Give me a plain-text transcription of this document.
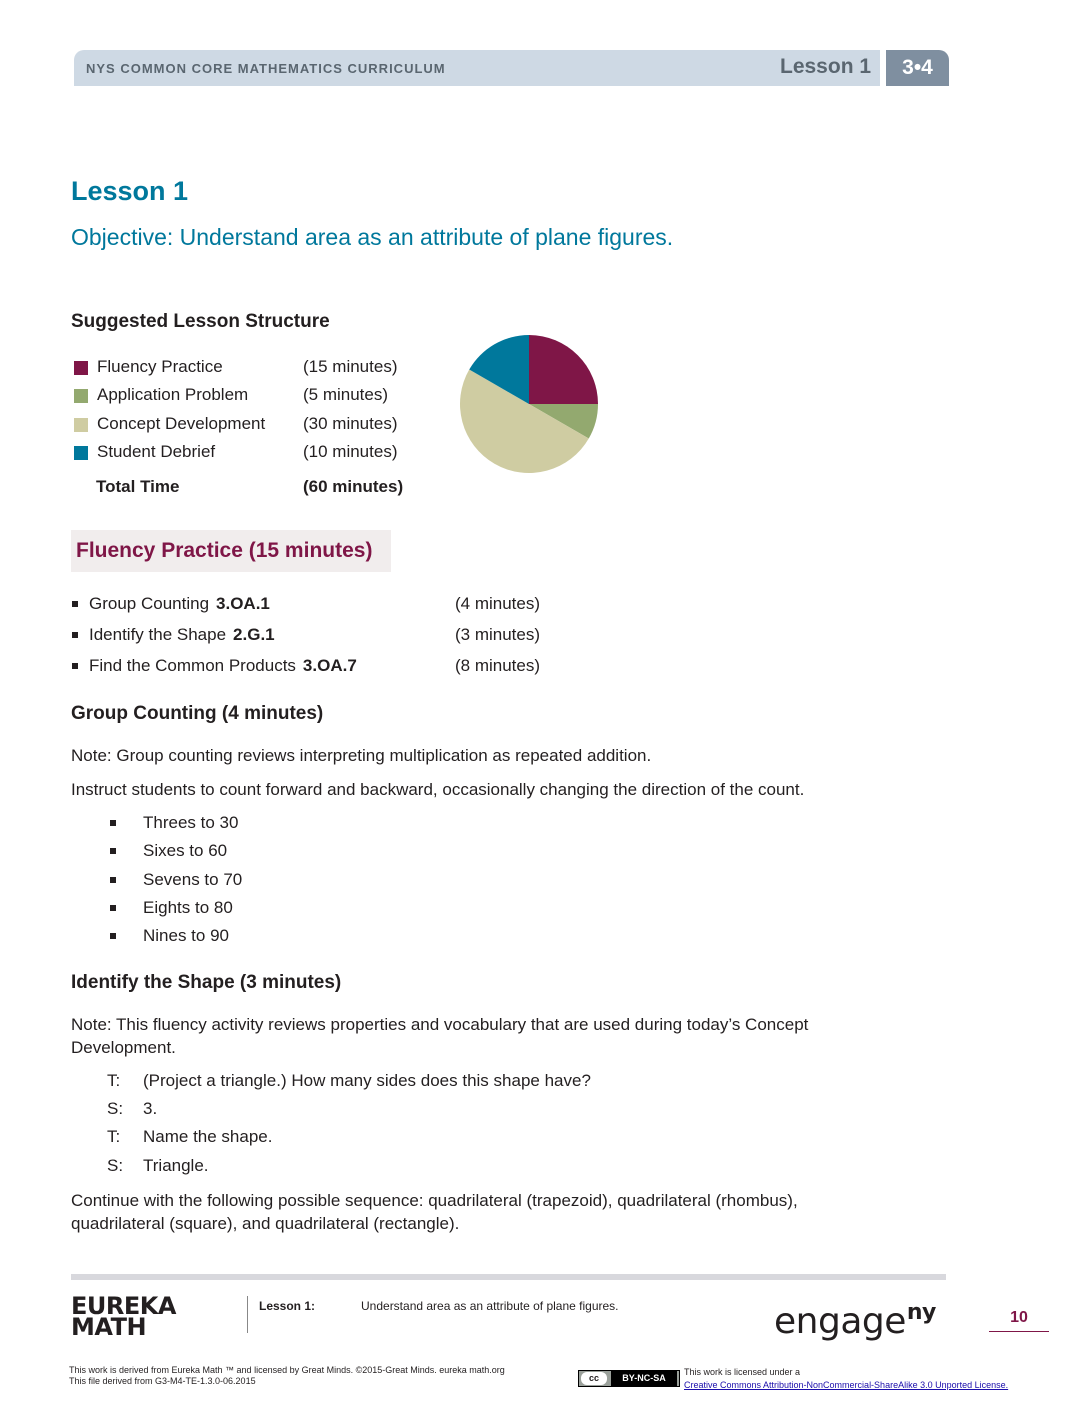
NYS COMMON CORE MATHEMATICS CURRICULUM	Lesson 1	3•4
Lesson 1
Objective: Understand area as an attribute of plane figures.
Suggested Lesson Structure
Fluency Practice	(15 minutes)
Application Problem	(5 minutes)
Concept Development (30 minutes)
Student Debrief	(10 minutes)
Total Time	(60 minutes)
Fluency Practice (15 minutes)
Group Counting 3.OA.1	(4 minutes)
Identify the Shape 2.G.1	(3 minutes)
Find the Common Products 3.OA.7	(8 minutes)
Group Counting (4 minutes)
Note: Group counting reviews interpreting multiplication as repeated addition.
Instruct students to count forward and backward, occasionally changing the direction of the count.
Threes to 30
Sixes to 60
Sevens to 70
Eights to 80
Nines to 90
Identify the Shape (3 minutes)
Note: This fluency activity reviews properties and vocabulary that are used during today’s Concept Development.
T: (Project a triangle.) How many sides does this shape have?
S: 3.
T: Name the shape.
S: Triangle.
Continue with the following possible sequence: quadrilateral (trapezoid), quadrilateral (rhombus), quadrilateral (square), and quadrilateral (rectangle).
EUREKA
MATH
Lesson 1:	Understand area as an attribute of plane figures.	engage$^{ny}$	10
This work is derived from Eureka Math ™ and licensed by Great Minds. ©2015-Great Minds. eureka math.org
This file derived from G3-M4-TE-1.3.0-06.2015	cc	BY-NC-SA
This work is licensed under a
Creative Commons Attribution-NonCommercial-ShareAlike 3.0 Unported License.
